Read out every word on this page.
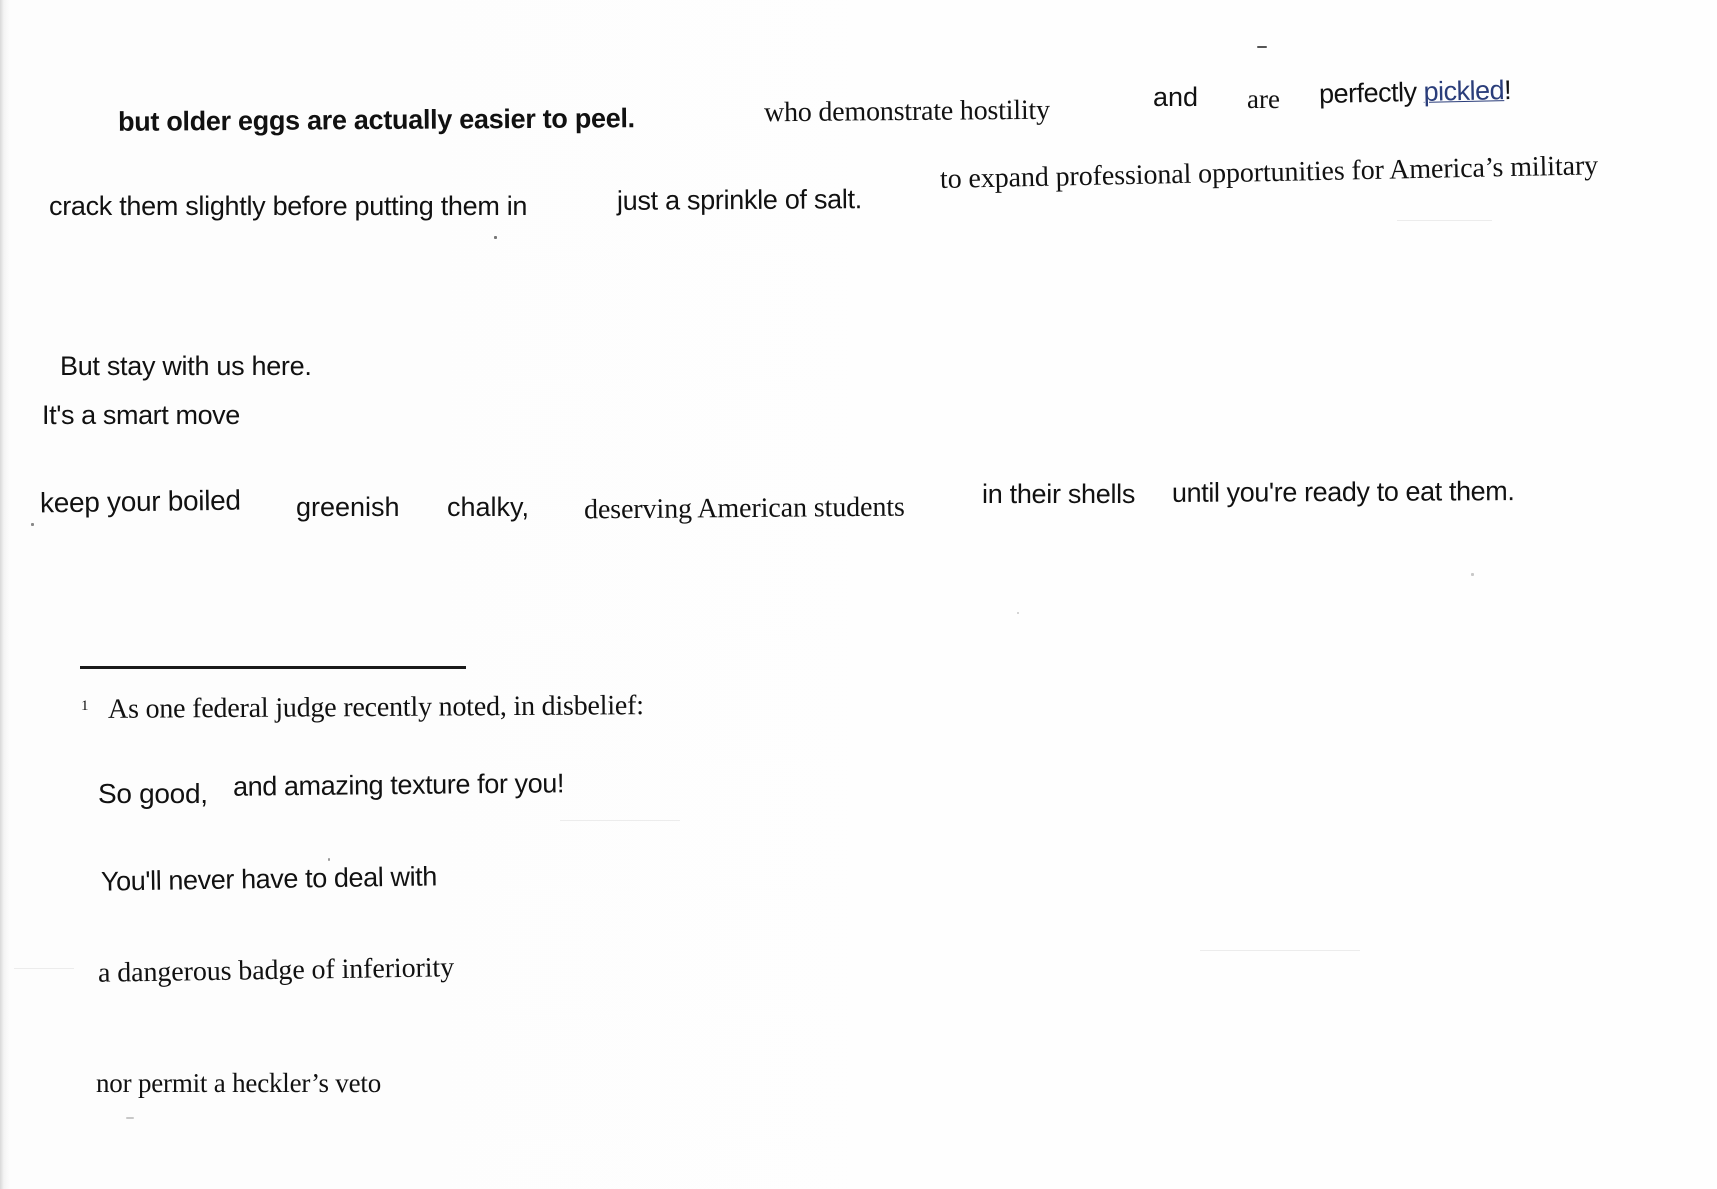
but older eggs are actually easier to peel.	who demonstrate hostility	and are perfectly pickled!
crack them slightly before putting them in	just a sprinkle of salt.
to expand professional opportunities for America’s military
But stay with us here.
It's a smart move
keep your boiled greenish chalky, deserving American students	in their shells until you're ready to eat them.
1 As one federal judge recently noted, in disbelief:
So good, and amazing texture for you!
You'll never have to deal with
a dangerous badge of inferiority
nor permit a heckler’s veto
